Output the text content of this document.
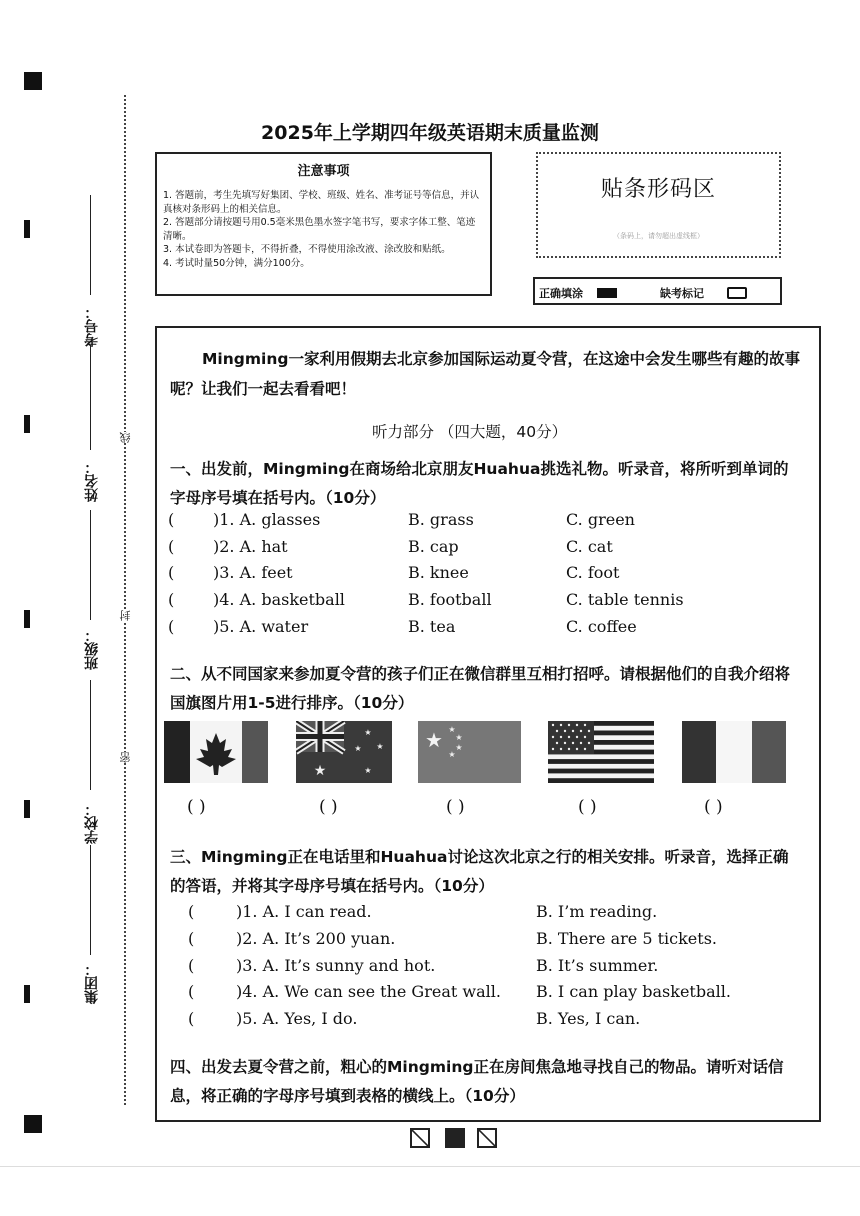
线
封
密
考号：
姓名：
班级：
学校：
集团：
2025年上学期四年级英语期末质量监测
注意事项

1. 答题前，考生先填写好集团、学校、班级、姓名、准考证号等信息，并认真核对条形码上的相关信息。

2. 答题部分请按题号用0.5毫米黑色墨水签字笔书写，要求字体工整、笔迹清晰。

3. 本试卷即为答题卡，不得折叠，不得使用涂改液、涂改胶和贴纸。

4. 考试时量50分钟，满分100分。

贴条形码区
（条码上，请勿超出虚线框）
正确填涂	缺考标记
Mingming一家利用假期去北京参加国际运动夏令营，在这途中会发生哪些有趣的故事呢？让我们一起去看看吧！
听力部分 （四大题，40分）
一、出发前，Mingming在商场给北京朋友Huahua挑选礼物。听录音，将所听到单词的字母序号填在括号内。（10分）
( )1. A. glasses	B. grass	C. green
( )2. A. hat	B. cap	C. cat
( )3. A. feet	B. knee	C. foot
( )4. A. basketball	B. football	C. table tennis
( )5. A. water	B. tea	C. coffee
二、从不同国家来参加夏令营的孩子们正在微信群里互相打招呼。请根据他们的自我介绍将国旗图片用1-5进行排序。（10分）
★
★
★ ★
★
★ ★
★
★
★
( )	( )	( )	( )	( )
三、Mingming正在电话里和Huahua讨论这次北京之行的相关安排。听录音，选择正确的答语，并将其字母序号填在括号内。（10分）
(	)1. A. I can read.	B. I’m reading.
(	)2. A. It’s 200 yuan.	B. There are 5 tickets.
(	)3. A. It’s sunny and hot.	B. It’s summer.
(	)4. A. We can see the Great wall. B. I can play basketball.
(	)5. A. Yes, I do.	B. Yes, I can.
四、出发去夏令营之前，粗心的Mingming正在房间焦急地寻找自己的物品。请听对话信息，将正确的字母序号填到表格的横线上。（10分）
